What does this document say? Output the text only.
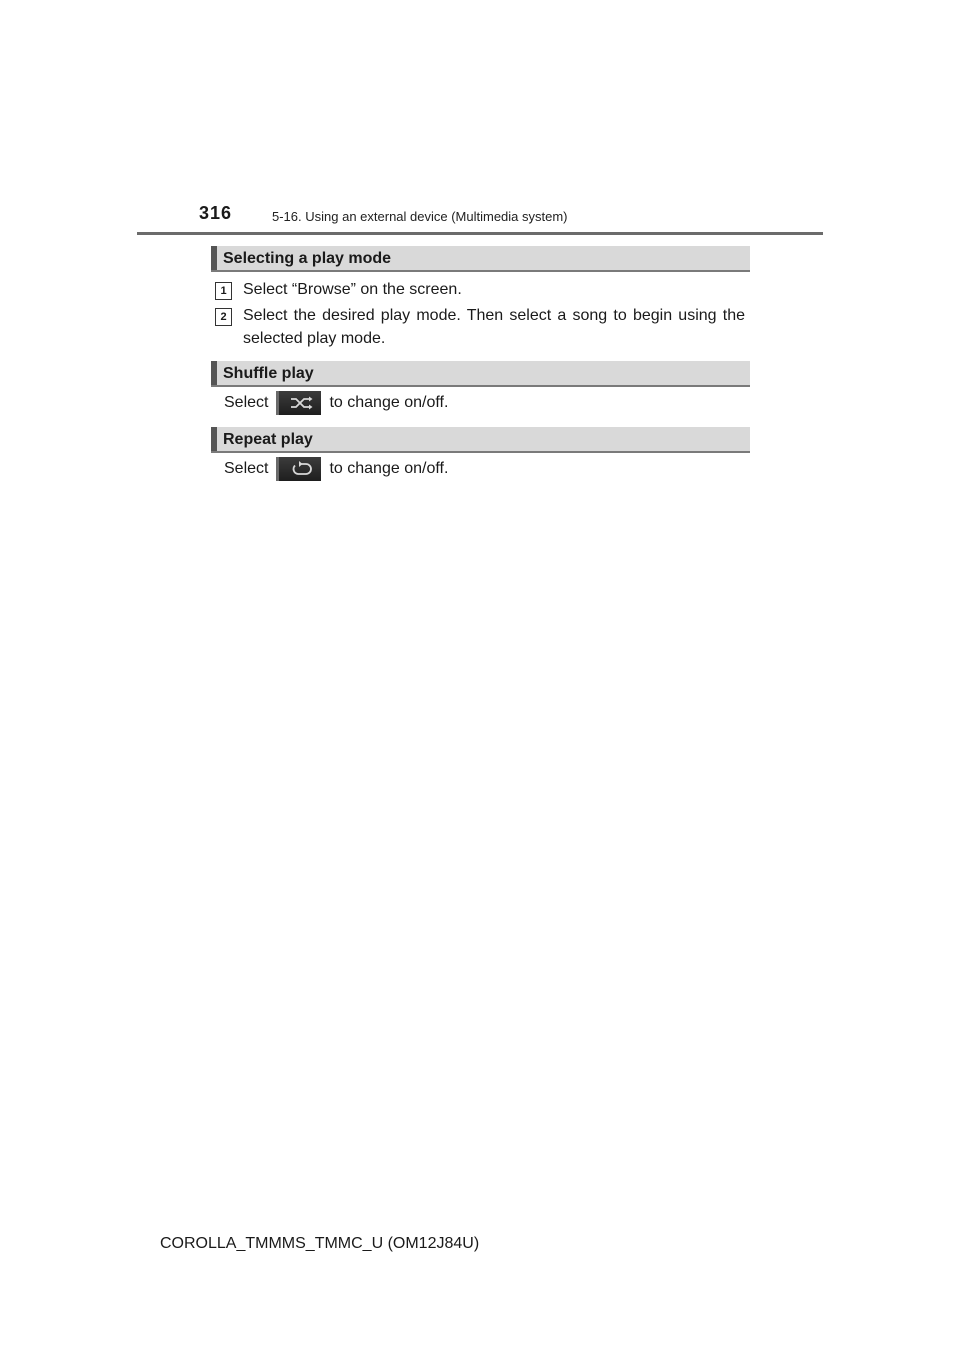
316	5-16. Using an external device (Multimedia system)
Selecting a play mode
1	Select “Browse” on the screen.
2	Select the desired play mode. Then select a song to begin using the selected play mode.
Shuffle play
Select	to change on/off.
Repeat play
Select	to change on/off.
COROLLA_TMMMS_TMMC_U (OM12J84U)
